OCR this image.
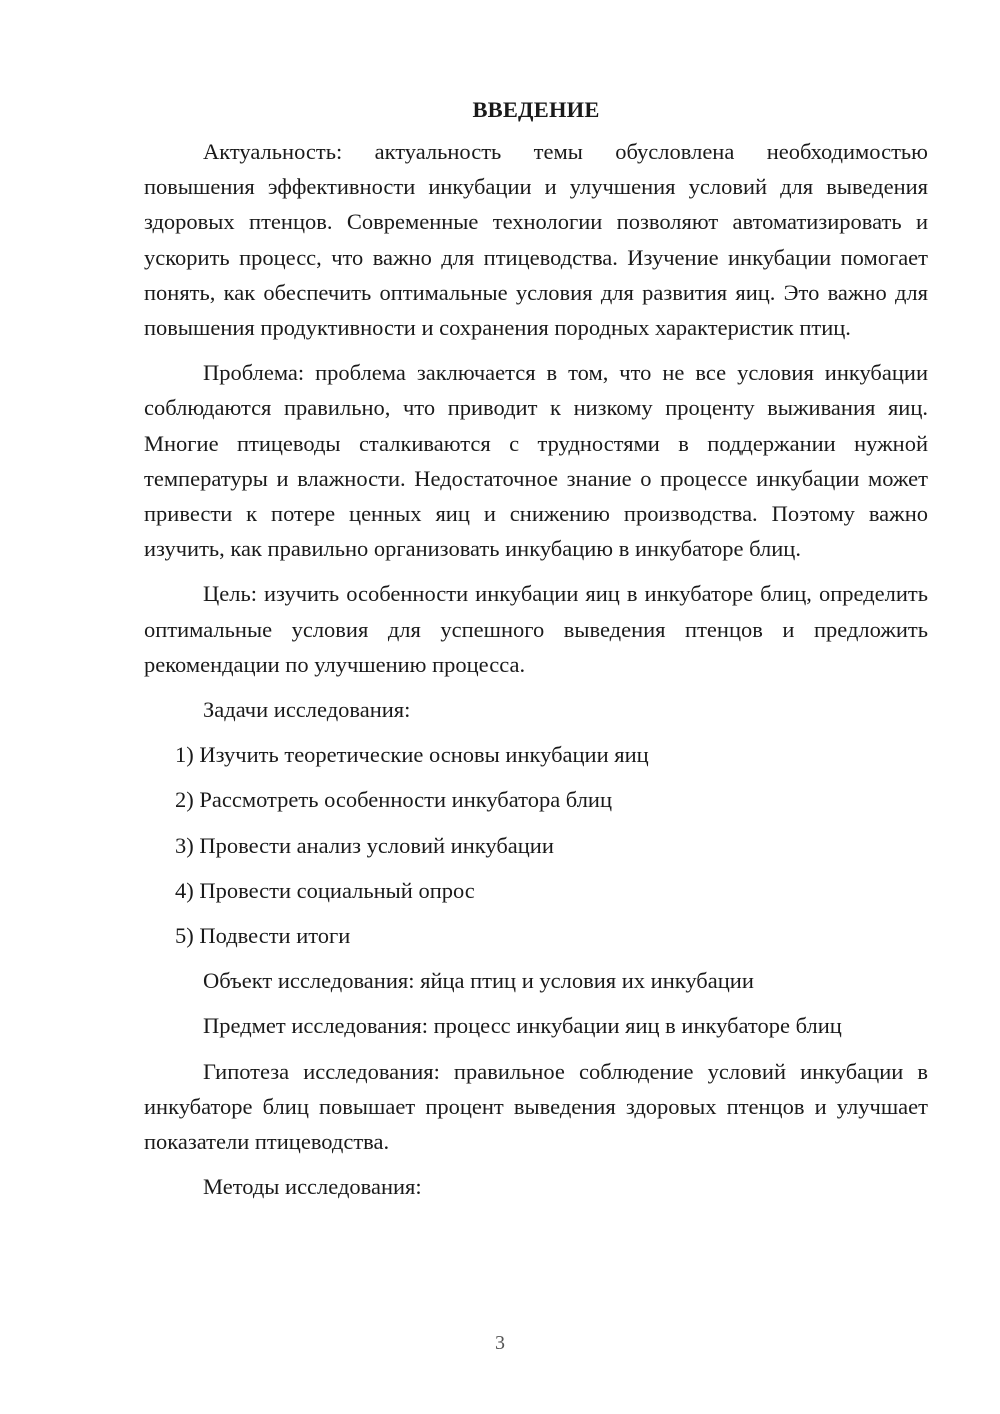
ВВЕДЕНИЕ

Актуальность: актуальность темы обусловлена необходимостью повышения эффективности инкубации и улучшения условий для выведения здоровых птенцов. Современные технологии позволяют автоматизировать и ускорить процесс, что важно для птицеводства. Изучение инкубации помогает понять, как обеспечить оптимальные условия для развития яиц. Это важно для повышения продуктивности и сохранения породных характеристик птиц.

Проблема: проблема заключается в том, что не все условия инкубации соблюдаются правильно, что приводит к низкому проценту выживания яиц. Многие птицеводы сталкиваются с трудностями в поддержании нужной температуры и влажности. Недостаточное знание о процессе инкубации может привести к потере ценных яиц и снижению производства. Поэтому важно изучить, как правильно организовать инкубацию в инкубаторе блиц.

Цель: изучить особенности инкубации яиц в инкубаторе блиц, определить оптимальные условия для успешного выведения птенцов и предложить рекомендации по улучшению процесса.

Задачи исследования:

1) Изучить теоретические основы инкубации яиц
2) Рассмотреть особенности инкубатора блиц
3) Провести анализ условий инкубации
4) Провести социальный опрос
5) Подвести итоги

Объект исследования: яйца птиц и условия их инкубации

Предмет исследования: процесс инкубации яиц в инкубаторе блиц

Гипотеза исследования: правильное соблюдение условий инкубации в инкубаторе блиц повышает процент выведения здоровых птенцов и улучшает показатели птицеводства.

Методы исследования:

3
